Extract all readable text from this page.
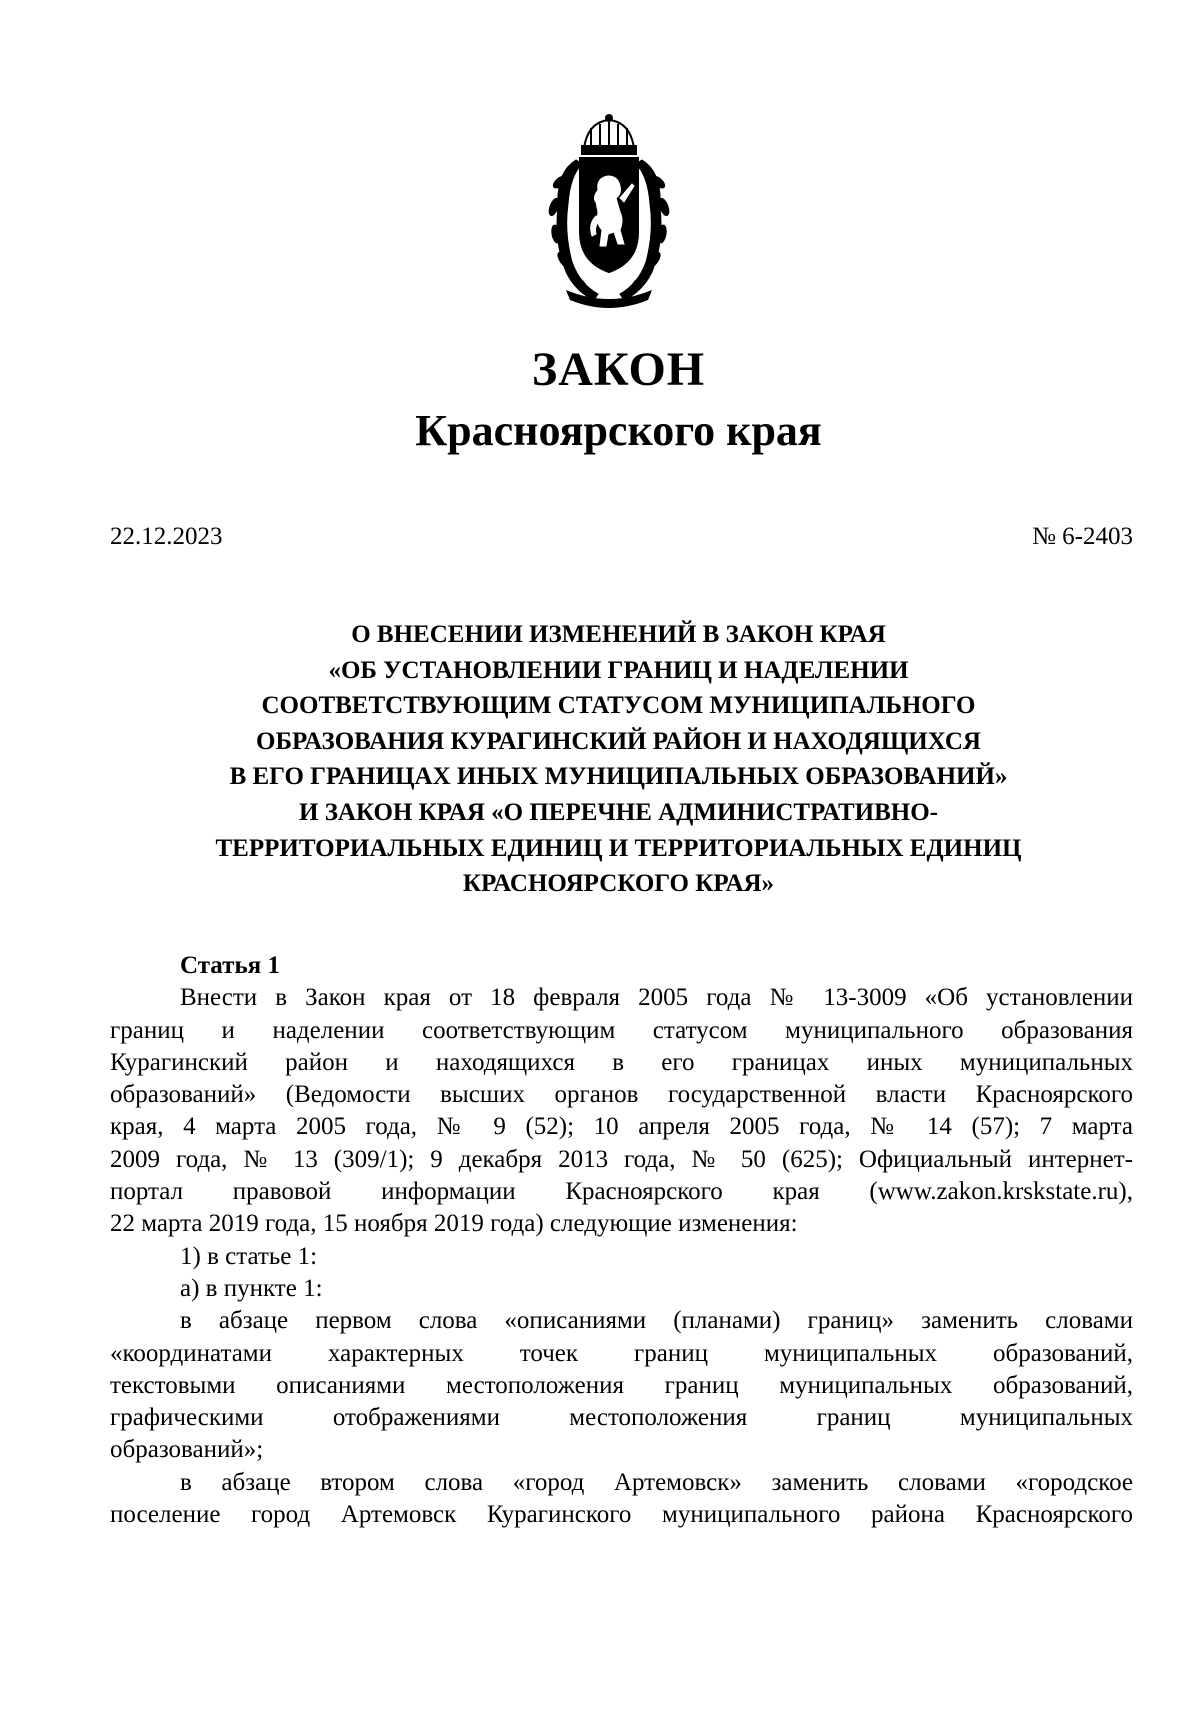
ЗАКОН
Красноярского края
22.12.2023	№ 6-2403
О ВНЕСЕНИИ ИЗМЕНЕНИЙ В ЗАКОН КРАЯ
«ОБ УСТАНОВЛЕНИИ ГРАНИЦ И НАДЕЛЕНИИ
СООТВЕТСТВУЮЩИМ СТАТУСОМ МУНИЦИПАЛЬНОГО
ОБРАЗОВАНИЯ КУРАГИНСКИЙ РАЙОН И НАХОДЯЩИХСЯ
В ЕГО ГРАНИЦАХ ИНЫХ МУНИЦИПАЛЬНЫХ ОБРАЗОВАНИЙ»
И ЗАКОН КРАЯ «О ПЕРЕЧНЕ АДМИНИСТРАТИВНО-
ТЕРРИТОРИАЛЬНЫХ ЕДИНИЦ И ТЕРРИТОРИАЛЬНЫХ ЕДИНИЦ
КРАСНОЯРСКОГО КРАЯ»
Статья 1
Внести в Закон края от 18 февраля 2005 года № 13-3009 «Об установлении
границ и наделении соответствующим статусом муниципального образования
Курагинский район и находящихся в его границах иных муниципальных
образований» (Ведомости высших органов государственной власти Красноярского
края, 4 марта 2005 года, № 9 (52); 10 апреля 2005 года, № 14 (57); 7 марта
2009 года, № 13 (309/1); 9 декабря 2013 года, № 50 (625); Официальный интернет-
портал правовой информации Красноярского края (www.zakon.krskstate.ru),
22 марта 2019 года, 15 ноября 2019 года) следующие изменения:
1) в статье 1:
а) в пункте 1:
в абзаце первом слова «описаниями (планами) границ» заменить словами
«координатами характерных точек границ муниципальных образований,
текстовыми описаниями местоположения границ муниципальных образований,
графическими отображениями местоположения границ муниципальных
образований»;
в абзаце втором слова «город Артемовск» заменить словами «городское
поселение город Артемовск Курагинского муниципального района Красноярского
